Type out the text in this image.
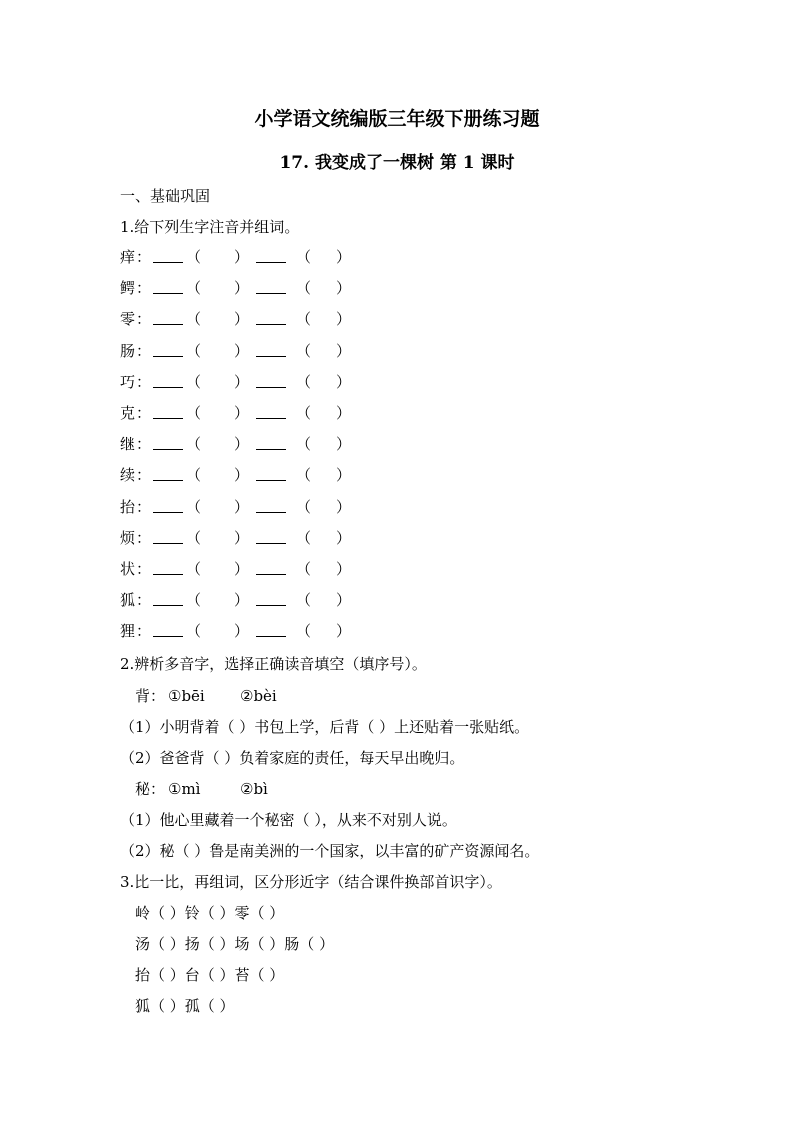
小学语文统编版三年级下册练习题
17. 我变成了一棵树 第 1 课时
一、基础巩固
1.给下列生字注音并组词。
痒 ： （ ）	（ ）
鳄 ： （ ）	（ ）
零 ： （ ）	（ ）
肠 ： （ ）	（ ）
巧 ： （ ）	（ ）
克 ： （ ）	（ ）
继 ： （ ）	（ ）
续 ： （ ）	（ ）
抬 ： （ ）	（ ）
烦 ： （ ）	（ ）
状 ： （ ）	（ ）
狐 ： （ ）	（ ）
狸 ： （ ）	（ ）
2.辨析多音字，选择正确读音填空（填序号）。
背： ①bēi ②bèi
（1）小明背着（ ）书包上学，后背（ ）上还贴着一张贴纸。
（2）爸爸背（ ）负着家庭的责任，每天早出晚归。
秘： ①mì	②bì
（1）他心里藏着一个秘密（ ），从来不对别人说。
（2）秘（ ）鲁是南美洲的一个国家，以丰富的矿产资源闻名。
3.比一比，再组词，区分形近字（结合课件换部首识字）。
岭（ ）铃（ ）零（ ）
汤（ ）扬（ ）场（ ）肠（ ）
抬（ ）台（ ）苔（ ）
狐（ ）孤（ ）
